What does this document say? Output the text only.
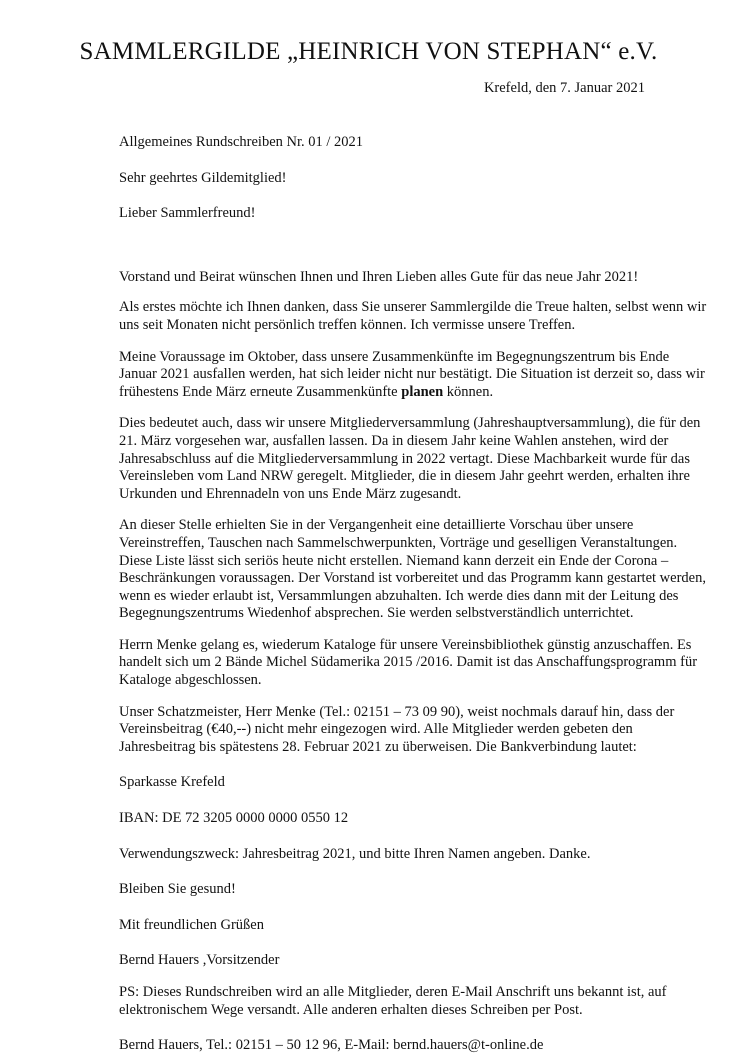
SAMMLERGILDE „HEINRICH VON STEPHAN“ e.V.
Krefeld, den 7. Januar 2021

Allgemeines Rundschreiben Nr. 01 / 2021

Sehr geehrtes Gildemitglied!

Lieber Sammlerfreund!

Vorstand und Beirat wünschen Ihnen und Ihren Lieben alles Gute für das neue Jahr 2021!

Als erstes möchte ich Ihnen danken, dass Sie unserer Sammlergilde die Treue halten, selbst wenn wir
uns seit Monaten nicht persönlich treffen können. Ich vermisse unsere Treffen.

Meine Voraussage im Oktober, dass unsere Zusammenkünfte im Begegnungszentrum bis Ende
Januar 2021 ausfallen werden, hat sich leider nicht nur bestätigt. Die Situation ist derzeit so, dass wir
frühestens Ende März erneute Zusammenkünfte planen können.

Dies bedeutet auch, dass wir unsere Mitgliederversammlung (Jahreshauptversammlung), die für den
21. März vorgesehen war, ausfallen lassen. Da in diesem Jahr keine Wahlen anstehen, wird der
Jahresabschluss auf die Mitgliederversammlung in 2022 vertagt. Diese Machbarkeit wurde für das
Vereinsleben vom Land NRW geregelt. Mitglieder, die in diesem Jahr geehrt werden, erhalten ihre
Urkunden und Ehrennadeln von uns Ende März zugesandt.

An dieser Stelle erhielten Sie in der Vergangenheit eine detaillierte Vorschau über unsere
Vereinstreffen, Tauschen nach Sammelschwerpunkten, Vorträge und geselligen Veranstaltungen.
Diese Liste lässt sich seriös heute nicht erstellen. Niemand kann derzeit ein Ende der Corona –
Beschränkungen voraussagen. Der Vorstand ist vorbereitet und das Programm kann gestartet werden,
wenn es wieder erlaubt ist, Versammlungen abzuhalten. Ich werde dies dann mit der Leitung des
Begegnungszentrums Wiedenhof absprechen. Sie werden selbstverständlich unterrichtet.

Herrn Menke gelang es, wiederum Kataloge für unsere Vereinsbibliothek günstig anzuschaffen. Es
handelt sich um 2 Bände Michel Südamerika 2015 /2016. Damit ist das Anschaffungsprogramm für
Kataloge abgeschlossen.

Unser Schatzmeister, Herr Menke (Tel.: 02151 – 73 09 90), weist nochmals darauf hin, dass der
Vereinsbeitrag (€40,--) nicht mehr eingezogen wird. Alle Mitglieder werden gebeten den
Jahresbeitrag bis spätestens 28. Februar 2021 zu überweisen. Die Bankverbindung lautet:

Sparkasse Krefeld

IBAN: DE 72 3205 0000 0000 0550 12

Verwendungszweck: Jahresbeitrag 2021, und bitte Ihren Namen angeben. Danke.

Bleiben Sie gesund!

Mit freundlichen Grüßen

Bernd Hauers ,Vorsitzender

PS: Dieses Rundschreiben wird an alle Mitglieder, deren E-Mail Anschrift uns bekannt ist, auf
elektronischem Wege versandt. Alle anderen erhalten dieses Schreiben per Post.

Bernd Hauers, Tel.: 02151 – 50 12 96, E-Mail: bernd.hauers@t-online.de
